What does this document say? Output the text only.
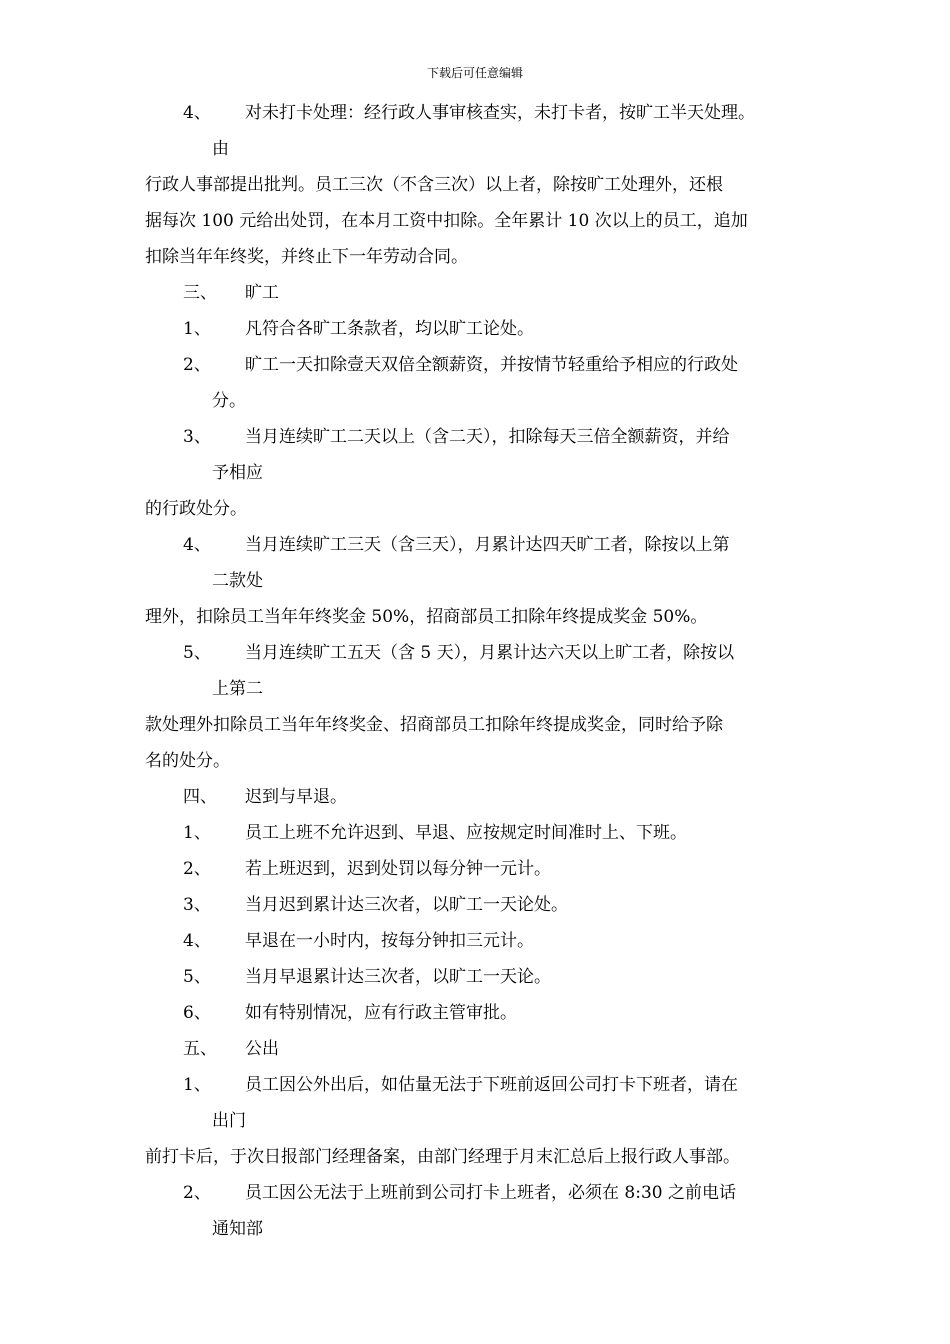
下载后可任意编辑
4、 对未打卡处理：经行政人事审核查实，未打卡者，按旷工半天处理。
由
行政人事部提出批判。员工三次（不含三次）以上者，除按旷工处理外，还根
据每次 100 元给出处罚，在本月工资中扣除。全年累计 10 次以上的员工，追加
扣除当年年终奖，并终止下一年劳动合同。
三、 旷工
1、 凡符合各旷工条款者，均以旷工论处。
2、 旷工一天扣除壹天双倍全额薪资，并按情节轻重给予相应的行政处
分。
3、 当月连续旷工二天以上（含二天），扣除每天三倍全额薪资，并给
予相应
的行政处分。
4、 当月连续旷工三天（含三天），月累计达四天旷工者，除按以上第
二款处
理外，扣除员工当年年终奖金 50%，招商部员工扣除年终提成奖金 50%。
5、 当月连续旷工五天（含 5 天），月累计达六天以上旷工者，除按以
上第二
款处理外扣除员工当年年终奖金、招商部员工扣除年终提成奖金，同时给予除
名的处分。
四、 迟到与早退。
1、 员工上班不允许迟到、早退、应按规定时间准时上、下班。
2、 若上班迟到，迟到处罚以每分钟一元计。
3、 当月迟到累计达三次者，以旷工一天论处。
4、 早退在一小时内，按每分钟扣三元计。
5、 当月早退累计达三次者，以旷工一天论。
6、 如有特别情况，应有行政主管审批。
五、 公出
1、 员工因公外出后，如估量无法于下班前返回公司打卡下班者，请在
出门
前打卡后，于次日报部门经理备案，由部门经理于月末汇总后上报行政人事部。
2、 员工因公无法于上班前到公司打卡上班者，必须在 8:30 之前电话
通知部
